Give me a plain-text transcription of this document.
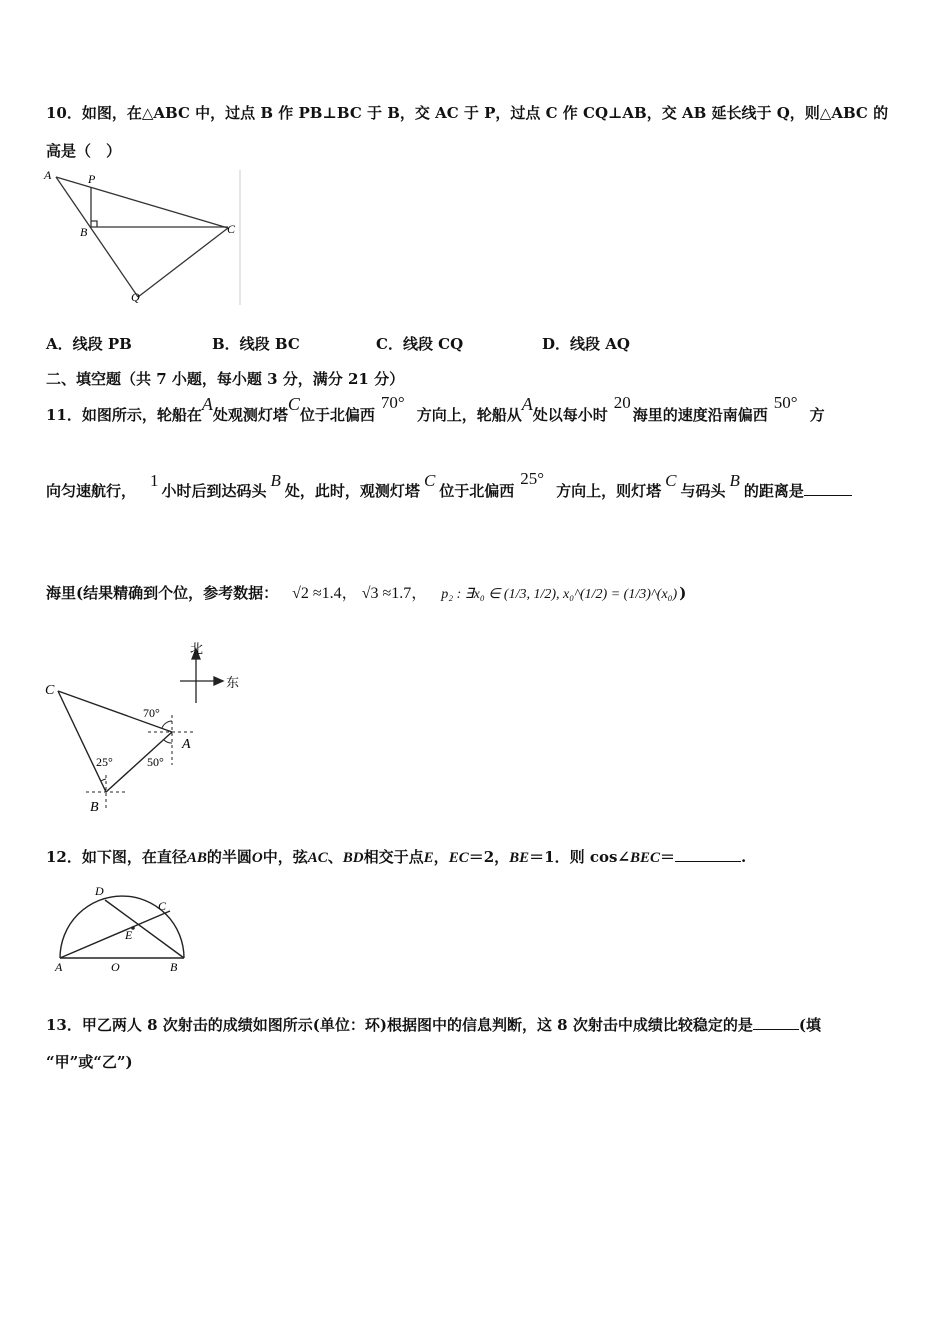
10．如图，在△ABC 中，过点 B 作 PB⊥BC 于 B，交 AC 于 P，过点 C 作 CQ⊥AB，交 AB 延长线于 Q，则△ABC 的
高是（　）
A	P
B	C
Q
A．线段 PB	B．线段 BC	C．线段 CQ	D．线段 AQ
二、填空题（共 7 小题，每小题 3 分，满分 21 分）
11．如图所示，轮船在A处观测灯塔C位于北偏西70°方向上，轮船从A处以每小时20海里的速度沿南偏西50°方
向匀速航行，1小时后到达码头B处，此时，观测灯塔C位于北偏西25°方向上，则灯塔C与码头B的距离是
海里(结果精确到个位，参考数据： √2 ≈1.4， √3 ≈1.7， p₂ : ∃x₀ ∈ (1/3, 1/2), x₀^(1/2) = (1/3)^(x₀) )
北
东
70°
50°
25°
C
A
B
12．如下图，在直径AB的半圆O中，弦AC、BD相交于点E，EC＝2，BE＝1．则 cos∠BEC＝	.
A	O	B
C
D
E
13．甲乙两人 8 次射击的成绩如图所示(单位：环)根据图中的信息判断，这 8 次射击中成绩比较稳定的是	(填
“甲”或“乙”)
